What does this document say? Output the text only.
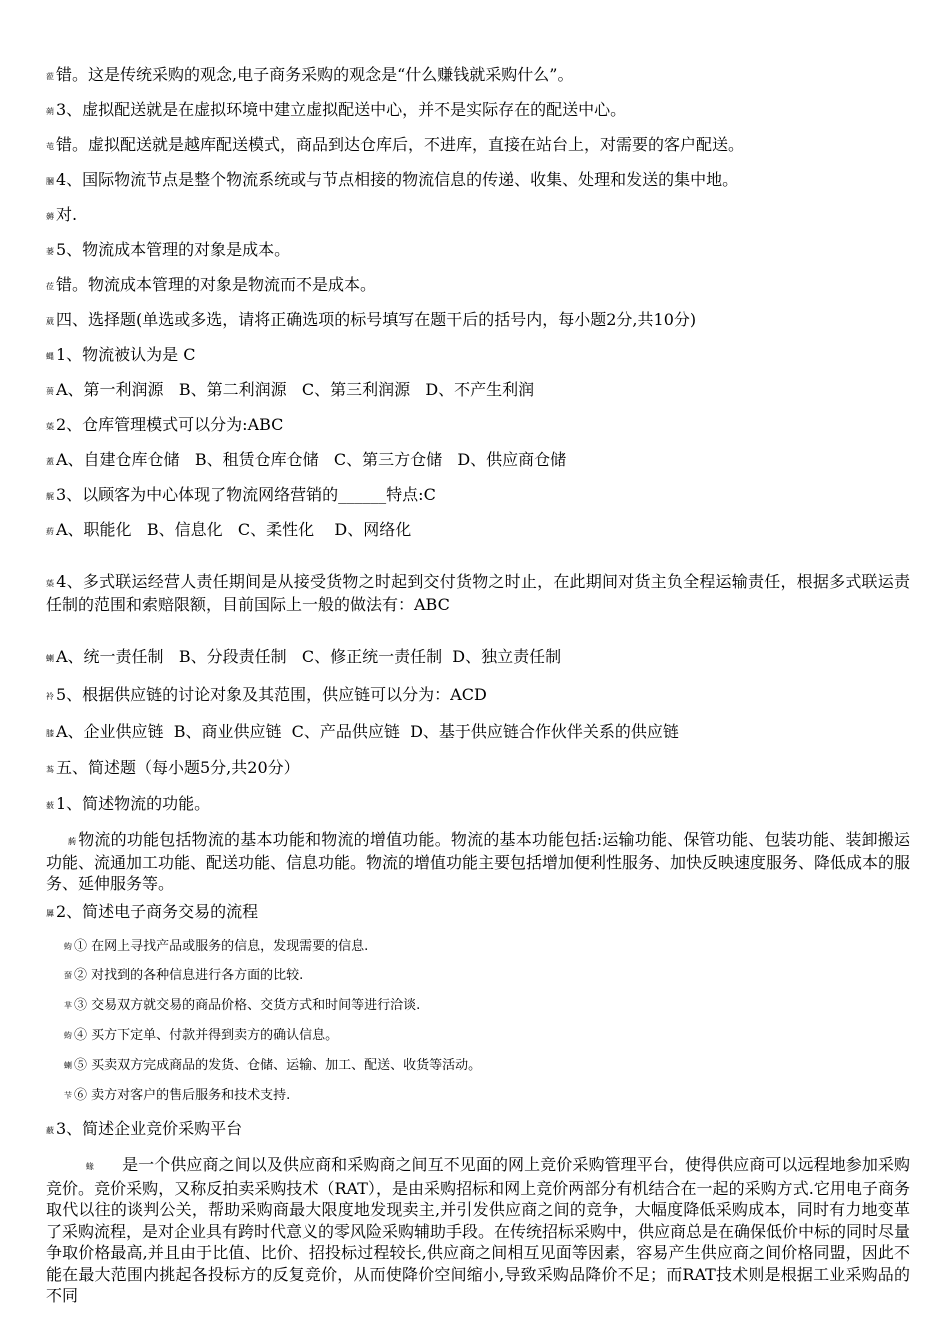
蒞 错。这是传统采购的观念,电子商务采购的观念是“什么赚钱就采购什么”。
蒴 3、虚拟配送就是在虚拟环境中建立虚拟配送中心，并不是实际存在的配送中心。
芚 错。虚拟配送就是越库配送模式，商品到达仓库后，不进库，直接在站台上，对需要的客户配送。
膕 4、国际物流节点是整个物流系统或与节点相接的物流信息的传递、收集、处理和发送的集中地。
薅 对.
蒌 5、物流成本管理的对象是成本。
莅 错。物流成本管理的对象是物流而不是成本。
葳 四、选择题(单选或多选，请将正确选项的标号填写在题干后的括号内，每小题2分,共10分)
蝿 1、物流被认为是 C
蒉 A、第一利润源   B、第二利润源   C、第三利润源   D、不产生利润
蒅 2、仓库管理模式可以分为:ABC
蓋 A、自建仓库仓储   B、租赁仓库仓储   C、第三方仓储   D、供应商仓储
艉 3、以顾客为中心体现了物流网络营销的______特点:C
葯 A、职能化   B、信息化   C、柔性化    D、网络化
蒅 4、多式联运经营人责任期间是从接受货物之时起到交付货物之时止，在此期间对货主负全程运输责任，根据多式联运责任制的范围和索赔限额，目前国际上一般的做法有：ABC
蝲 A、统一责任制   B、分段责任制   C、修正统一责任制  D、独立责任制
袊 5、根据供应链的讨论对象及其范围，供应链可以分为：ACD
膝 A、企业供应链  B、商业供应链  C、产品供应链  D、基于供应链合作伙伴关系的供应链
蒍 五、简述题（每小题5分,共20分）
薮 1、简述物流的功能。
葋 物流的功能包括物流的基本功能和物流的增值功能。物流的基本功能包括:运输功能、保管功能、包装功能、装卸搬运功能、流通加工功能、配送功能、信息功能。物流的增值功能主要包括增加便利性服务、加快反映速度服务、降低成本的服务、延伸服务等。
羼 2、简述电子商务交易的流程
蚐 ① 在网上寻找产品或服务的信息，发现需要的信息.
蝅 ② 对找到的各种信息进行各方面的比较.
芈 ③ 交易双方就交易的商品价格、交货方式和时间等进行洽谈.
蚐 ④ 买方下定单、付款并得到卖方的确认信息。
蝲 ⑤ 买卖双方完成商品的发货、仓储、运输、加工、配送、收货等活动。
芐 ⑥ 卖方对客户的售后服务和技术支持.
蔽 3、简述企业竞价采购平台
蝝 是一个供应商之间以及供应商和采购商之间互不见面的网上竞价采购管理平台，使得供应商可以远程地参加采购竞价。竞价采购，又称反拍卖采购技术（RAT），是由采购招标和网上竞价两部分有机结合在一起的采购方式.它用电子商务取代以往的谈判公关，帮助采购商最大限度地发现卖主,并引发供应商之间的竞争，大幅度降低采购成本，同时有力地变革了采购流程，是对企业具有跨时代意义的零风险采购辅助手段。在传统招标采购中，供应商总是在确保低价中标的同时尽量争取价格最高,并且由于比值、比价、招投标过程较长,供应商之间相互见面等因素，容易产生供应商之间价格同盟，因此不能在最大范围内挑起各投标方的反复竞价，从而使降价空间缩小,导致采购品降价不足；而RAT技术则是根据工业采购品的不同
